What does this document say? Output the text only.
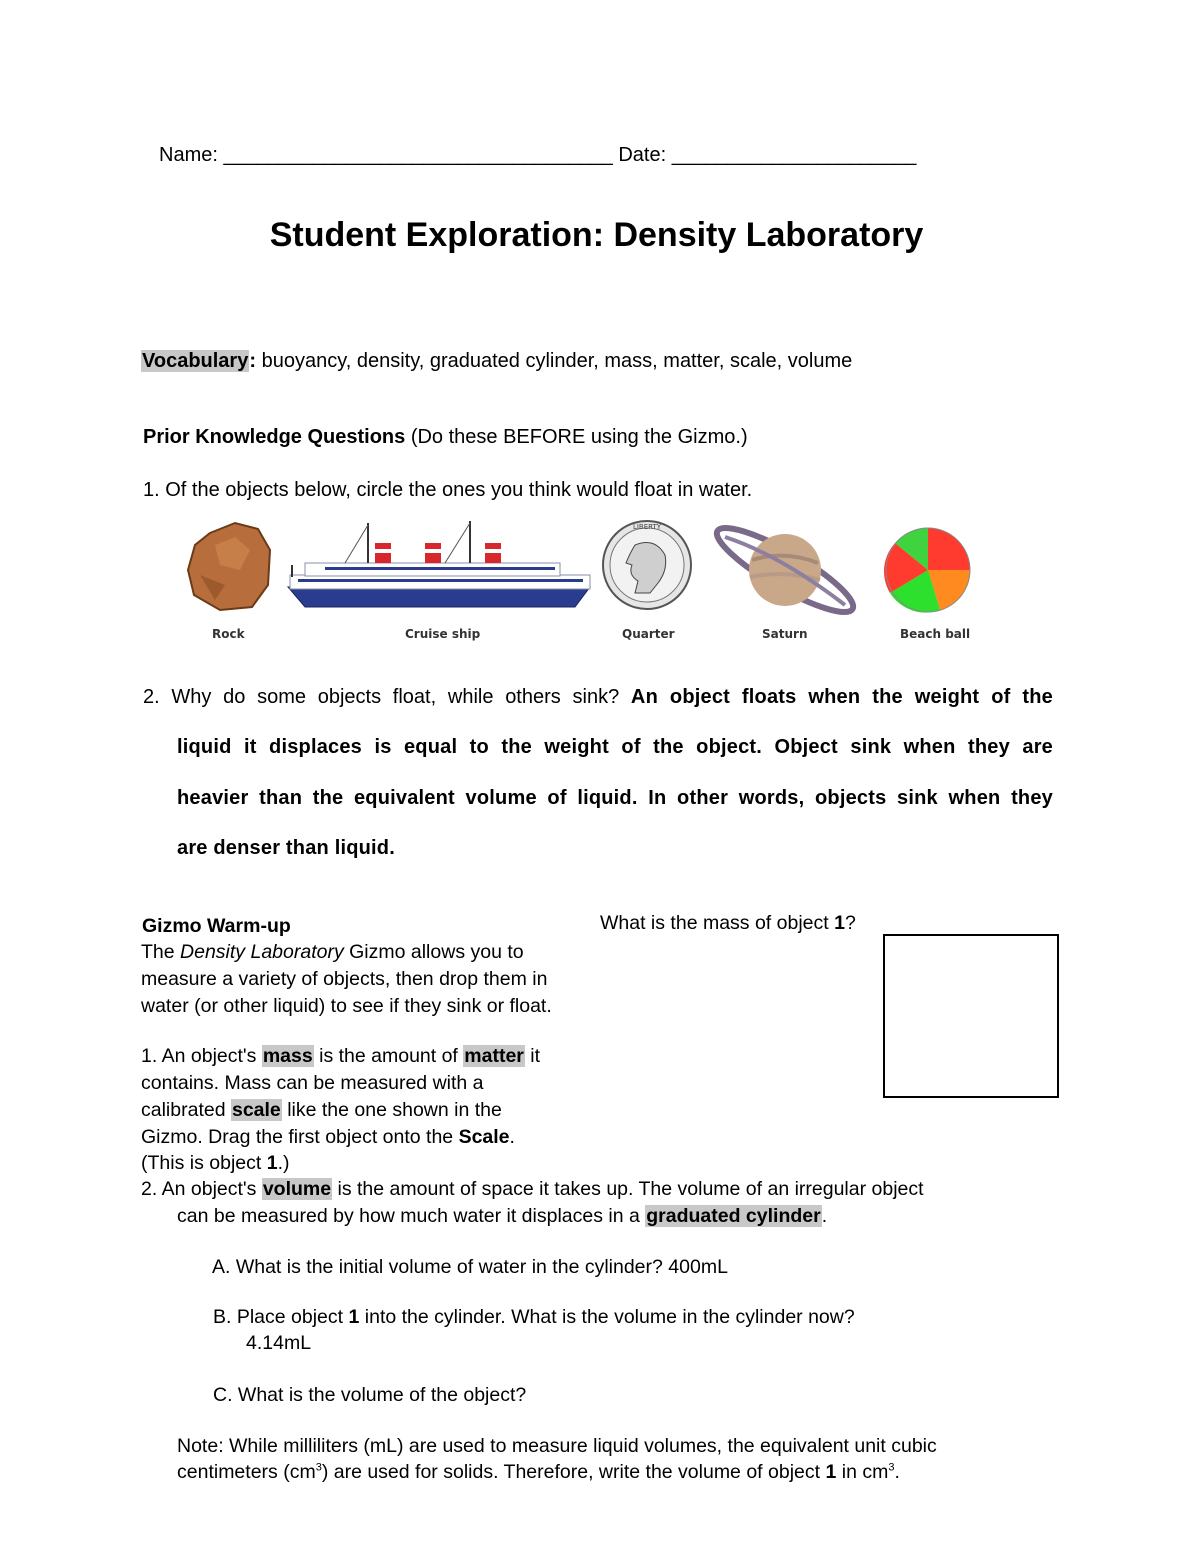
Name: ___________________________________ Date: ______________________
Student Exploration: Density Laboratory
Vocabulary: buoyancy, density, graduated cylinder, mass, matter, scale, volume
Prior Knowledge Questions (Do these BEFORE using the Gizmo.)
1. Of the objects below, circle the ones you think would float in water.
LIBERTY
Rock	Cruise ship	Quarter	Saturn	Beach ball
2. Why do some objects float, while others sink? An object floats when the weight of the
liquid it displaces is equal to the weight of the object. Object sink when they are
heavier than the equivalent volume of liquid. In other words, objects sink when they
are denser than liquid.
Gizmo Warm-up
The Density Laboratory Gizmo allows you to
measure a variety of objects, then drop them in
water (or other liquid) to see if they sink or float.
What is the mass of object 1?
1. An object's mass is the amount of matter it
contains. Mass can be measured with a
calibrated scale like the one shown in the
Gizmo. Drag the first object onto the Scale.
(This is object 1.)
2. An object's volume is the amount of space it takes up. The volume of an irregular object
can be measured by how much water it displaces in a graduated cylinder.
A. What is the initial volume of water in the cylinder? 400mL
B. Place object 1 into the cylinder. What is the volume in the cylinder now?
4.14mL
C. What is the volume of the object?
Note: While milliliters (mL) are used to measure liquid volumes, the equivalent unit cubic
centimeters $(cm^3)$ are used for solids. Therefore, write the volume of object 1 in $cm^3$.
